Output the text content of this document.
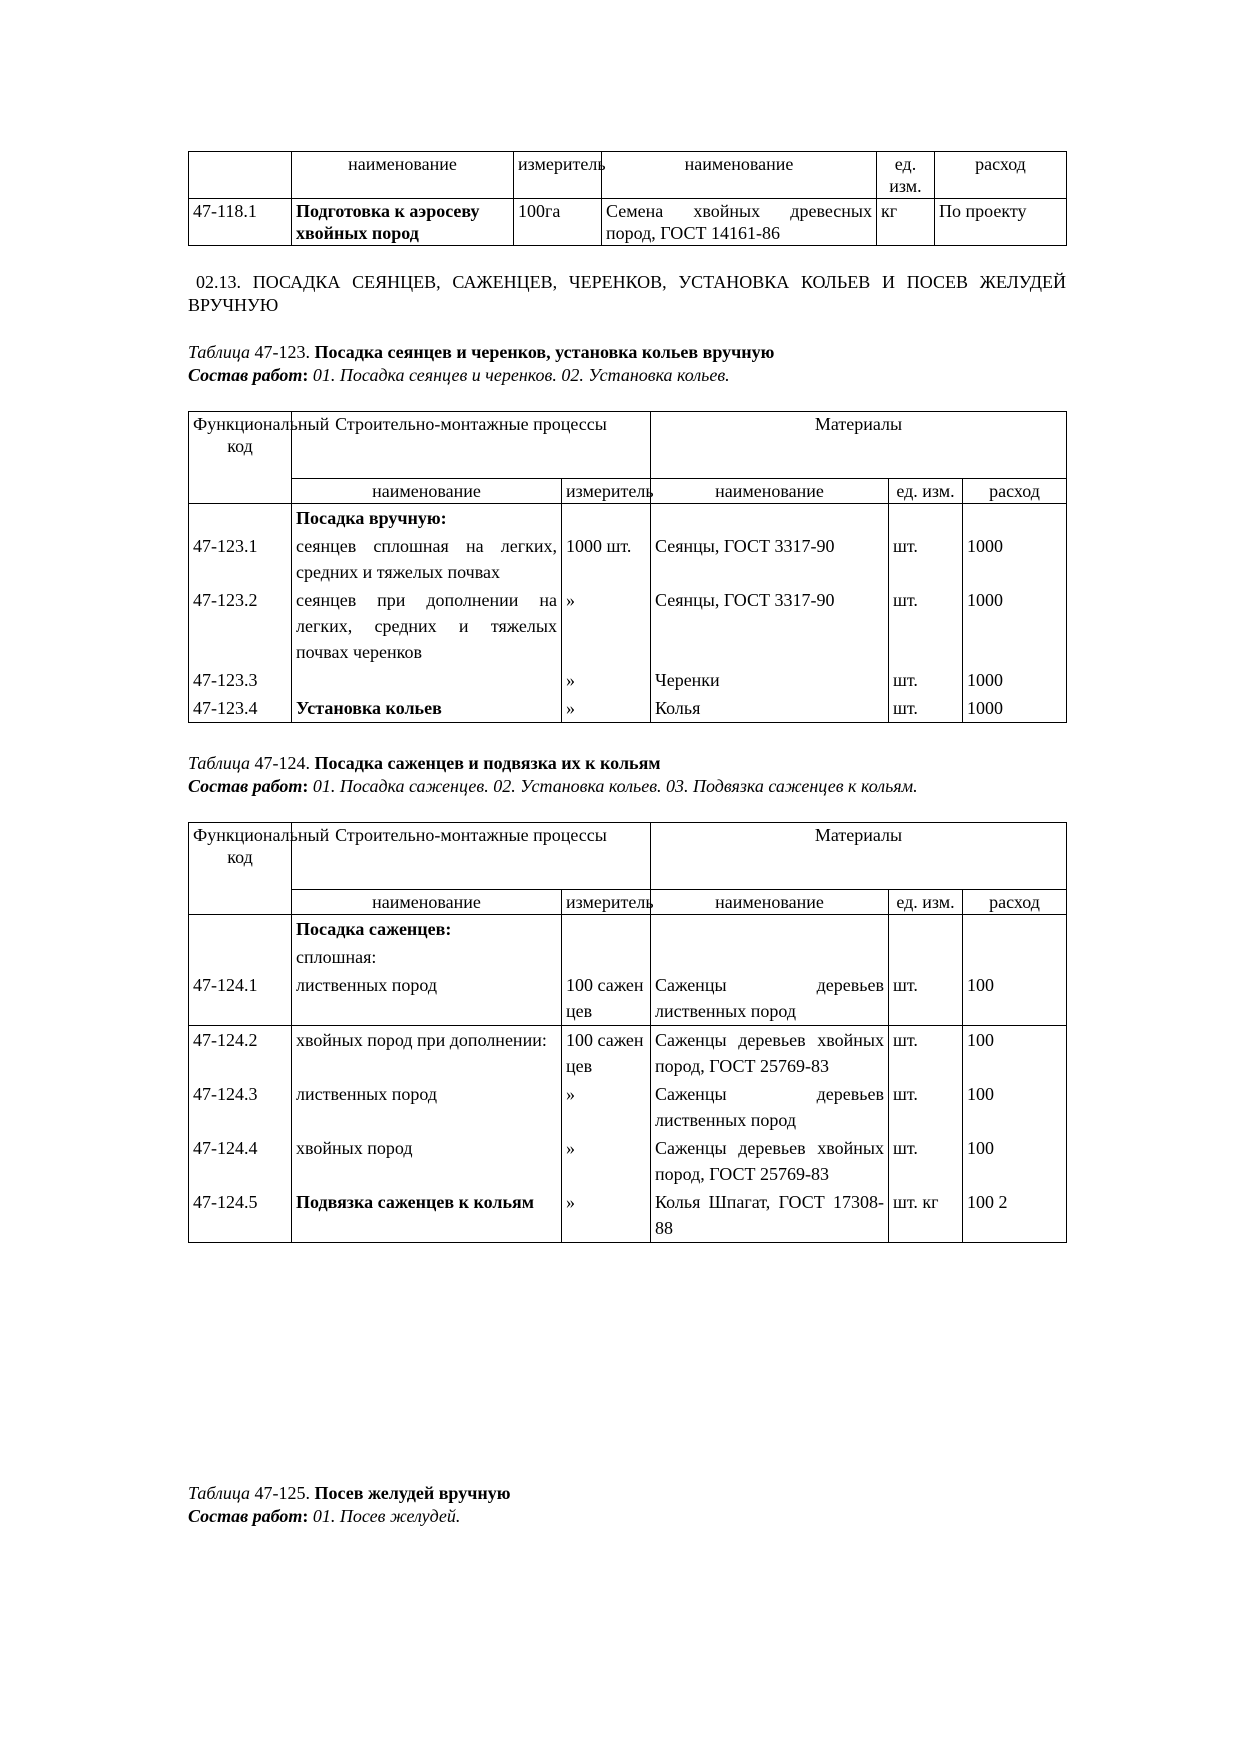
	наименование	измеритель	наименование	ед. изм.	расход
47-118.1	Подготовка к аэросеву хвойных пород	100га	Семена хвойных древесных пород, ГОСТ 14161-86	кг	По проекту
02.13. ПОСАДКА СЕЯНЦЕВ, САЖЕНЦЕВ, ЧЕРЕНКОВ, УСТАНОВКА КОЛЬЕВ И ПОСЕВ ЖЕЛУДЕЙ ВРУЧНУЮ
Таблица 47-123. Посадка сеянцев и черенков, установка кольев вручную
Состав работ: 01. Посадка сеянцев и черенков. 02. Установка кольев.
Функциональный код	Строительно-монтажные процессы		Материалы		
	наименование	измеритель	наименование	ед. изм.	расход
	Посадка вручную:				
47-123.1	сеянцев сплошная на легких, средних и тяжелых почвах	1000 шт.	Сеянцы, ГОСТ 3317-90	шт.	1000
47-123.2	сеянцев при дополнении на легких, средних и тяжелых почвах черенков	»	Сеянцы, ГОСТ 3317-90	шт.	1000
47-123.3		»	Черенки	шт.	1000
47-123.4	Установка кольев	»	Колья	шт.	1000
Таблица 47-124. Посадка саженцев и подвязка их к кольям
Состав работ: 01. Посадка саженцев. 02. Установка кольев. 03. Подвязка саженцев к кольям.
Функциональный код	Строительно-монтажные процессы		Материалы		
	наименование	измеритель	наименование	ед. изм.	расход
	Посадка саженцев:				
	сплошная:				
47-124.1	лиственных пород	100 саженцев	Саженцы деревьев лиственных пород	шт.	100
47-124.2	хвойных пород при дополнении:	100 саженцев	Саженцы деревьев хвойных пород, ГОСТ 25769-83	шт.	100
47-124.3	лиственных пород	»	Саженцы деревьев лиственных пород	шт.	100
47-124.4	хвойных пород	»	Саженцы деревьев хвойных пород, ГОСТ 25769-83	шт.	100
47-124.5	Подвязка саженцев к кольям	»	Колья Шпагат, ГОСТ 17308-88	шт. кг	100 2
Таблица 47-125. Посев желудей вручную
Состав работ: 01. Посев желудей.
